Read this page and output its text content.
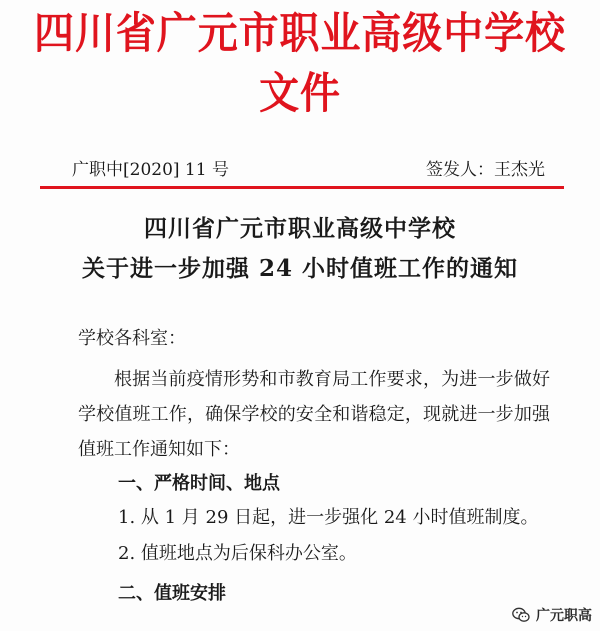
四川省广元市职业高级中学校文件
广职中[2020] 11 号	签发人：王杰光
四川省广元市职业高级中学校
关于进一步加强 24 小时值班工作的通知
学校各科室：
根据当前疫情形势和市教育局工作要求，为进一步做好学校值班工作，确保学校的安全和谐稳定，现就进一步加强值班工作通知如下：
一、严格时间、地点
1. 从 1 月 29 日起，进一步强化 24 小时值班制度。
2. 值班地点为后保科办公室。
二、值班安排
广元职高
